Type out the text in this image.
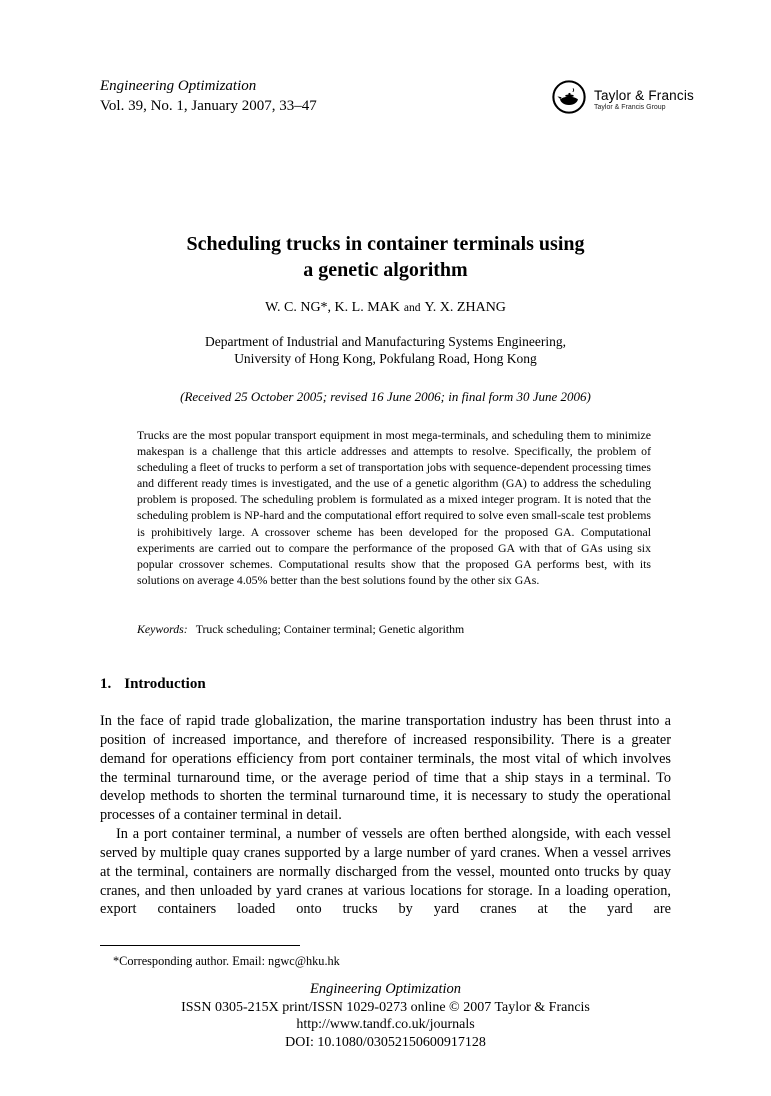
Engineering Optimization
Vol. 39, No. 1, January 2007, 33–47
Taylor & Francis
Taylor & Francis Group
Scheduling trucks in container terminals using
a genetic algorithm
W. C. NG*, K. L. MAK and Y. X. ZHANG
Department of Industrial and Manufacturing Systems Engineering,
University of Hong Kong, Pokfulang Road, Hong Kong
(Received 25 October 2005; revised 16 June 2006; in final form 30 June 2006)
Trucks are the most popular transport equipment in most mega-terminals, and scheduling them to minimize makespan is a challenge that this article addresses and attempts to resolve. Specifically, the problem of scheduling a fleet of trucks to perform a set of transportation jobs with sequence-dependent processing times and different ready times is investigated, and the use of a genetic algorithm (GA) to address the scheduling problem is proposed. The scheduling problem is formulated as a mixed integer program. It is noted that the scheduling problem is NP-hard and the computational effort required to solve even small-scale test problems is prohibitively large. A crossover scheme has been developed for the proposed GA. Computational experiments are carried out to compare the performance of the proposed GA with that of GAs using six popular crossover schemes. Computational results show that the proposed GA performs best, with its solutions on average 4.05% better than the best solutions found by the other six GAs.
Keywords: Truck scheduling; Container terminal; Genetic algorithm
1. Introduction

In the face of rapid trade globalization, the marine transportation industry has been thrust into a position of increased importance, and therefore of increased responsibility. There is a greater demand for operations efficiency from port container terminals, the most vital of which involves the terminal turnaround time, or the average period of time that a ship stays in a terminal. To develop methods to shorten the terminal turnaround time, it is necessary to study the operational processes of a container terminal in detail.

In a port container terminal, a number of vessels are often berthed alongside, with each vessel served by multiple quay cranes supported by a large number of yard cranes. When a vessel arrives at the terminal, containers are normally discharged from the vessel, mounted onto trucks by quay cranes, and then unloaded by yard cranes at various locations for storage. In a loading operation, export containers loaded onto trucks by yard cranes at the yard are

*Corresponding author. Email: ngwc@hku.hk
Engineering Optimization
ISSN 0305-215X print/ISSN 1029-0273 online © 2007 Taylor & Francis
http://www.tandf.co.uk/journals
DOI: 10.1080/03052150600917128
